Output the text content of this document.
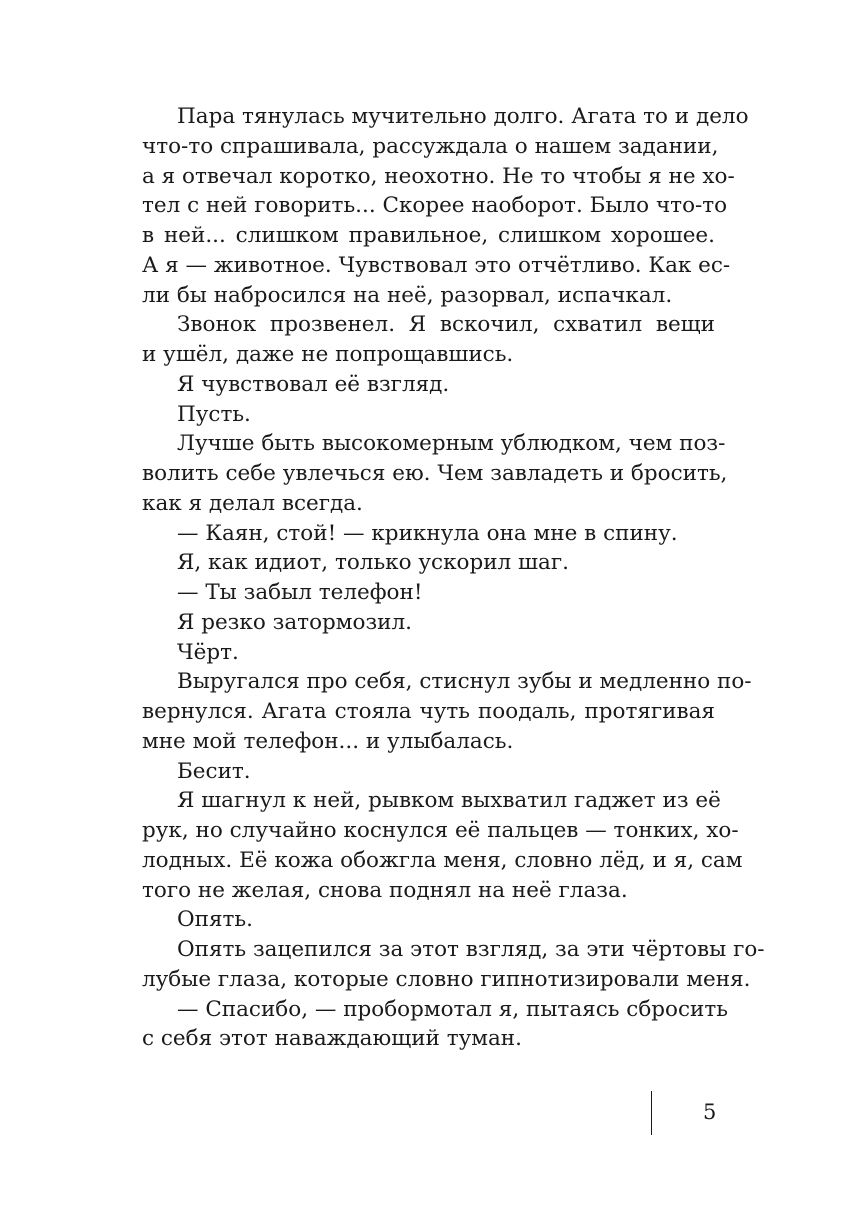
Пара тянулась мучительно долго. Агата то и дело
что-то спрашивала, рассуждала о нашем задании,
а я отвечал коротко, неохотно. Не то чтобы я не хо-
тел с ней говорить... Скорее наоборот. Было что-то
в ней... слишком правильное, слишком хорошее.
А я — животное. Чувствовал это отчётливо. Как ес-
ли бы набросился на неё, разорвал, испачкал.
Звонок прозвенел. Я вскочил, схватил вещи
и ушёл, даже не попрощавшись.
Я чувствовал её взгляд.
Пусть.
Лучше быть высокомерным ублюдком, чем поз-
волить себе увлечься ею. Чем завладеть и бросить,
как я делал всегда.
— Каян, стой! — крикнула она мне в спину.
Я, как идиот, только ускорил шаг.
— Ты забыл телефон!
Я резко затормозил.
Чёрт.
Выругался про себя, стиснул зубы и медленно по-
вернулся. Агата стояла чуть поодаль, протягивая
мне мой телефон... и улыбалась.
Бесит.
Я шагнул к ней, рывком выхватил гаджет из её
рук, но случайно коснулся её пальцев — тонких, хо-
лодных. Её кожа обожгла меня, словно лёд, и я, сам
того не желая, снова поднял на неё глаза.
Опять.
Опять зацепился за этот взгляд, за эти чёртовы го-
лубые глаза, которые словно гипнотизировали меня.
— Спасибо, — пробормотал я, пытаясь сбросить
с себя этот наваждающий туман.
5
